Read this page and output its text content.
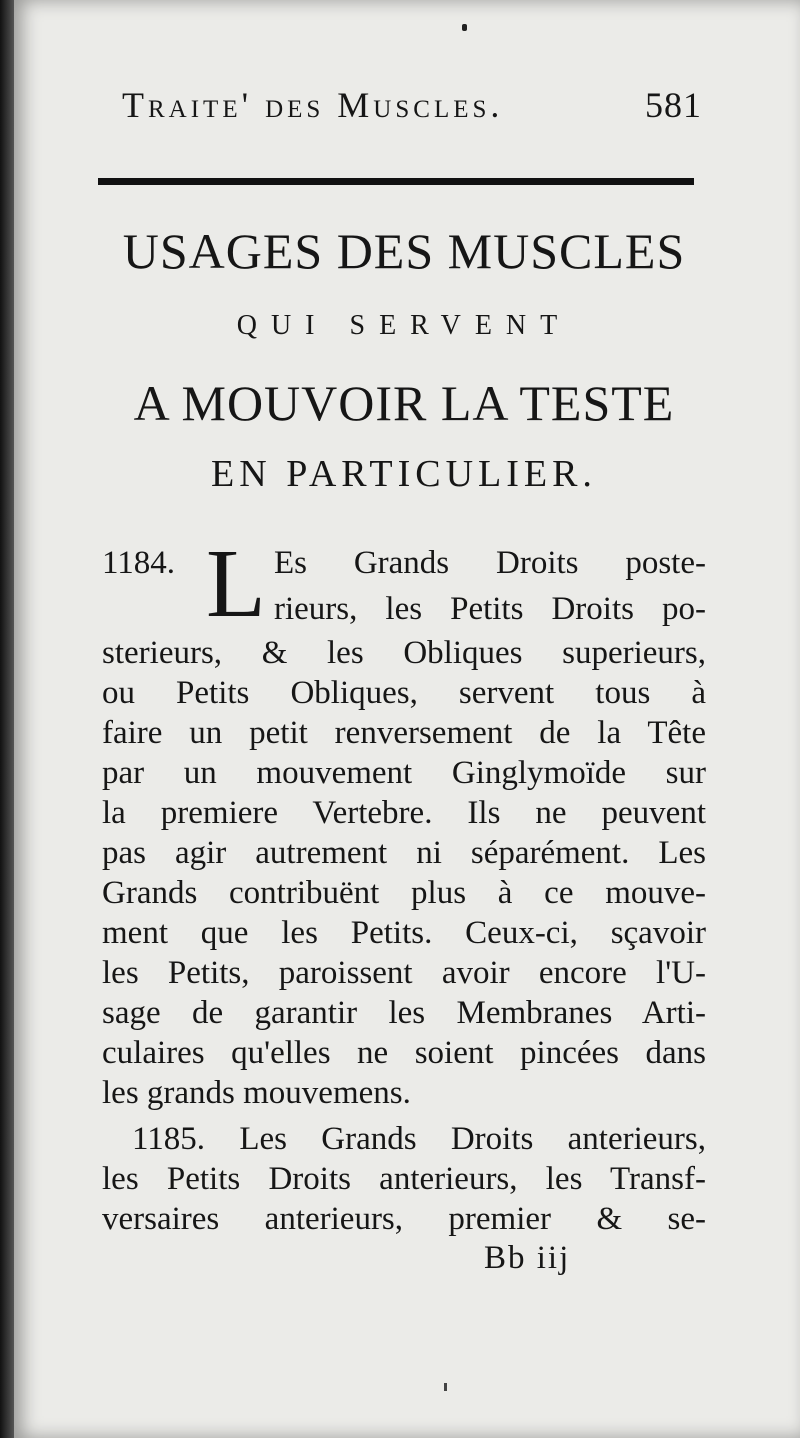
Traite' des Muscles.	581
USAGES DES MUSCLES
QUI SERVENT
A MOUVOIR LA TESTE
EN PARTICULIER.
1184. L Es Grands Droits poste-
rieurs, les Petits Droits po-
sterieurs, & les Obliques superieurs,
ou Petits Obliques, servent tous à
faire un petit renversement de la Tête
par un mouvement Ginglymoïde sur
la premiere Vertebre. Ils ne peuvent
pas agir autrement ni séparément. Les
Grands contribuënt plus à ce mouve-
ment que les Petits. Ceux-ci, sçavoir
les Petits, paroissent avoir encore l'U-
sage de garantir les Membranes Arti-
culaires qu'elles ne soient pincées dans
les grands mouvemens.
1185. Les Grands Droits anterieurs,
les Petits Droits anterieurs, les Transf-
versaires anterieurs, premier & se-
Bb iij
